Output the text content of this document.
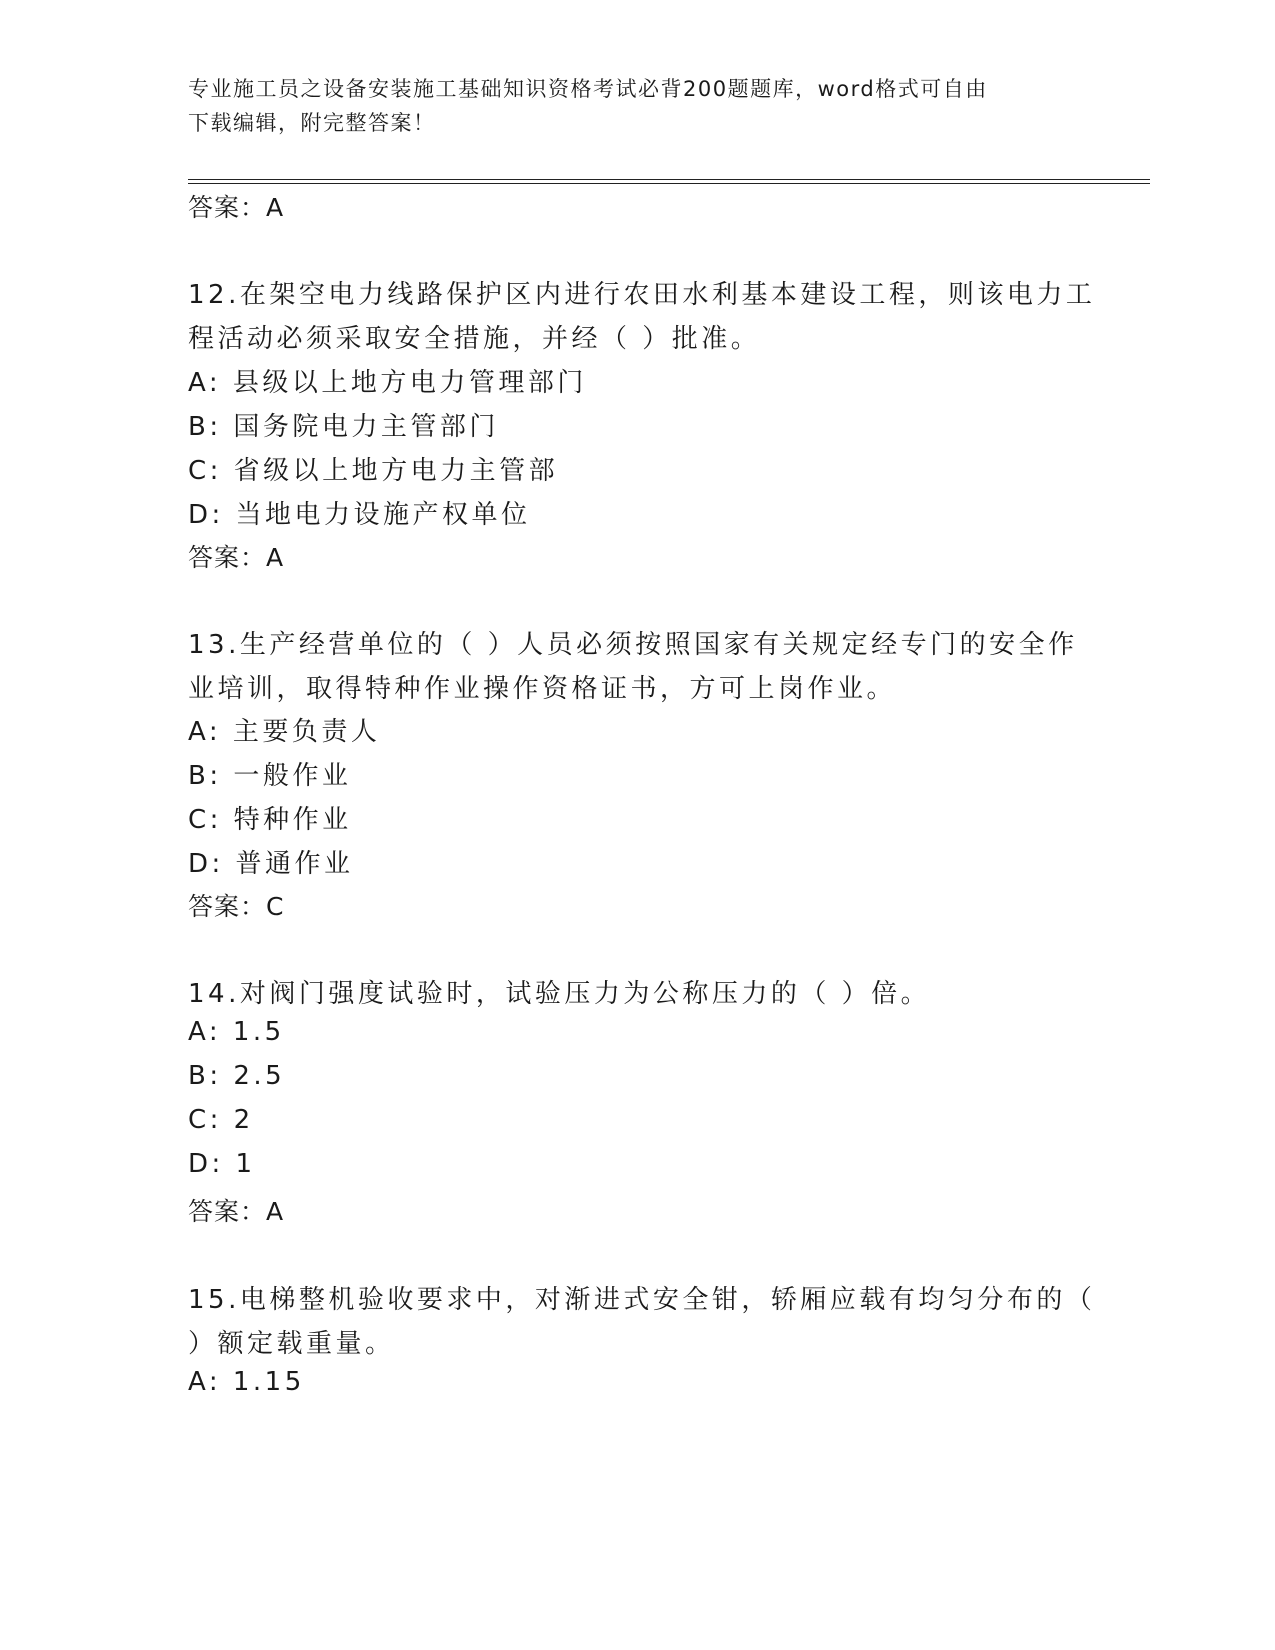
专业施工员之设备安装施工基础知识资格考试必背200题题库，word格式可自由
下载编辑，附完整答案！
答案：A
12.在架空电力线路保护区内进行农田水利基本建设工程，则该电力工
程活动必须采取安全措施，并经（ ）批准。
A: 县级以上地方电力管理部门
B: 国务院电力主管部门
C: 省级以上地方电力主管部
D: 当地电力设施产权单位
答案：A
13.生产经营单位的（ ）人员必须按照国家有关规定经专门的安全作
业培训，取得特种作业操作资格证书，方可上岗作业。
A: 主要负责人
B: 一般作业
C: 特种作业
D: 普通作业
答案：C
14.对阀门强度试验时，试验压力为公称压力的（ ）倍。
A: 1.5
B: 2.5
C: 2
D: 1
答案：A
15.电梯整机验收要求中，对渐进式安全钳，轿厢应载有均匀分布的（
）额定载重量。
A: 1.15
